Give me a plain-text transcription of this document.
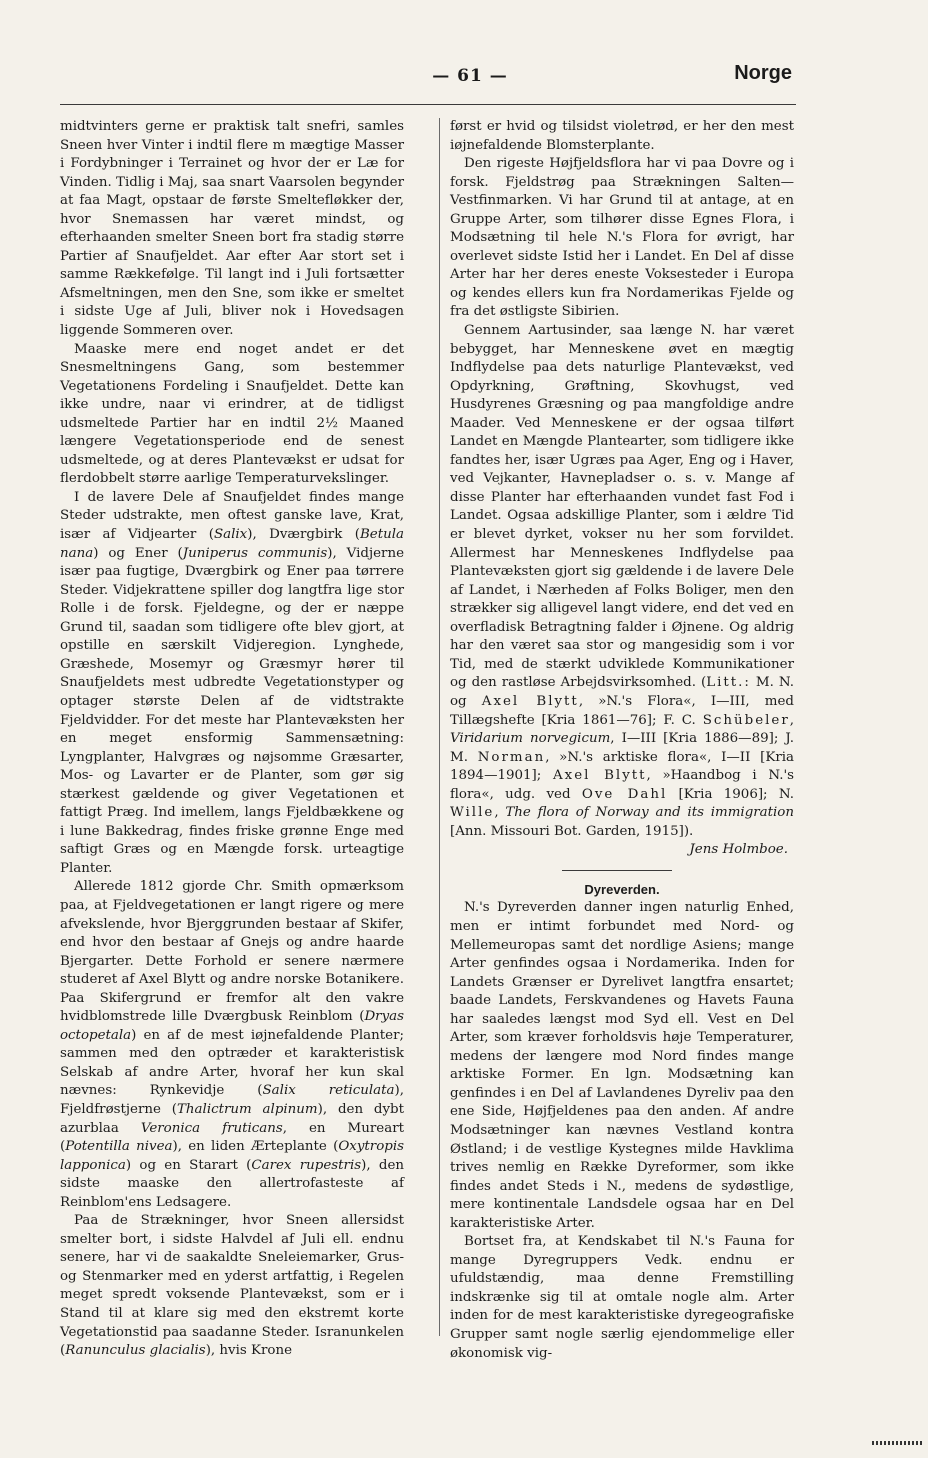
— 61 —	Norge

midtvinters gerne er praktisk talt snefri, samles Sneen hver Vinter i indtil flere m mægtige Masser i Fordybninger i Terrainet og hvor der er Læ for Vinden. Tidlig i Maj, saa snart Vaarsolen begynder at faa Magt, opstaar de første Smeltefløkker der, hvor Snemassen har været mindst, og efterhaanden smelter Sneen bort fra stadig større Partier af Snaufjeldet. Aar efter Aar stort set i samme Rækkefølge. Til langt ind i Juli fortsætter Afsmeltningen, men den Sne, som ikke er smeltet i sidste Uge af Juli, bliver nok i Hovedsagen liggende Sommeren over.

Maaske mere end noget andet er det Snesmeltningens Gang, som bestemmer Vegetationens Fordeling i Snaufjeldet. Dette kan ikke undre, naar vi erindrer, at de tidligst udsmeltede Partier har en indtil 2½ Maaned længere Vegetationsperiode end de senest udsmeltede, og at deres Plantevækst er udsat for flerdobbelt større aarlige Temperaturvekslinger.

I de lavere Dele af Snaufjeldet findes mange Steder udstrakte, men oftest ganske lave, Krat, især af Vidjearter (Salix), Dværgbirk (Betula nana) og Ener (Juniperus communis), Vidjerne især paa fugtige, Dværgbirk og Ener paa tørrere Steder. Vidjekrattene spiller dog langtfra lige stor Rolle i de forsk. Fjeldegne, og der er næppe Grund til, saadan som tidligere ofte blev gjort, at opstille en særskilt Vidjeregion. Lynghede, Græshede, Mosemyr og Græsmyr hører til Snaufjeldets mest udbredte Vegetationstyper og optager største Delen af de vidtstrakte Fjeldvidder. For det meste har Plantevæksten her en meget ensformig Sammensætning: Lyngplanter, Halvgræs og nøjsomme Græsarter, Mos- og Lavarter er de Planter, som gør sig stærkest gældende og giver Vegetationen et fattigt Præg. Ind imellem, langs Fjeldbækkene og i lune Bakkedrag, findes friske grønne Enge med saftigt Græs og en Mængde forsk. urteagtige Planter.

Allerede 1812 gjorde Chr. Smith opmærksom paa, at Fjeldvegetationen er langt rigere og mere afvekslende, hvor Bjerggrunden bestaar af Skifer, end hvor den bestaar af Gnejs og andre haarde Bjergarter. Dette Forhold er senere nærmere studeret af Axel Blytt og andre norske Botanikere. Paa Skifergrund er fremfor alt den vakre hvidblomstrede lille Dværgbusk Reinblom (Dryas octopetala) en af de mest iøjnefaldende Planter; sammen med den optræder et karakteristisk Selskab af andre Arter, hvoraf her kun skal nævnes: Rynkevidje (Salix reticulata), Fjeldfrøstjerne (Thalictrum alpinum), den dybt azurblaa Veronica fruticans, en Mureart (Potentilla nivea), en liden Ærteplante (Oxytropis lapponica) og en Starart (Carex rupestris), den sidste maaske den allertrofasteste af Reinblom'ens Ledsagere.

Paa de Strækninger, hvor Sneen allersidst smelter bort, i sidste Halvdel af Juli ell. endnu senere, har vi de saakaldte Sneleiemarker, Grus- og Stenmarker med en yderst artfattig, i Regelen meget spredt voksende Plantevækst, som er i Stand til at klare sig med den ekstremt korte Vegetationstid paa saadanne Steder. Isranunkelen (Ranunculus glacialis), hvis Krone

først er hvid og tilsidst violetrød, er her den mest iøjnefaldende Blomsterplante.

Den rigeste Højfjeldsflora har vi paa Dovre og i forsk. Fjeldstrøg paa Strækningen Salten—Vestfinmarken. Vi har Grund til at antage, at en Gruppe Arter, som tilhører disse Egnes Flora, i Modsætning til hele N.'s Flora for øvrigt, har overlevet sidste Istid her i Landet. En Del af disse Arter har her deres eneste Voksesteder i Europa og kendes ellers kun fra Nordamerikas Fjelde og fra det østligste Sibirien.

Gennem Aartusinder, saa længe N. har været bebygget, har Menneskene øvet en mægtig Indflydelse paa dets naturlige Plantevækst, ved Opdyrkning, Grøftning, Skovhugst, ved Husdyrenes Græsning og paa mangfoldige andre Maader. Ved Menneskene er der ogsaa tilført Landet en Mængde Plantearter, som tidligere ikke fandtes her, især Ugræs paa Ager, Eng og i Haver, ved Vejkanter, Havnepladser o. s. v. Mange af disse Planter har efterhaanden vundet fast Fod i Landet. Ogsaa adskillige Planter, som i ældre Tid er blevet dyrket, vokser nu her som forvildet. Allermest har Menneskenes Indflydelse paa Plantevæksten gjort sig gældende i de lavere Dele af Landet, i Nærheden af Folks Boliger, men den strækker sig alligevel langt videre, end det ved en overfladisk Betragtning falder i Øjnene. Og aldrig har den været saa stor og mangesidig som i vor Tid, med de stærkt udviklede Kommunikationer og den rastløse Arbejdsvirksomhed. (Litt.: M. N. og Axel Blytt, »N.'s Flora«, I—III, med Tillægshefte [Kria 1861—76]; F. C. Schübeler, Viridarium norvegicum, I—III [Kria 1886—89]; J. M. Norman, »N.'s arktiske flora«, I—II [Kria 1894—1901]; Axel Blytt, »Haandbog i N.'s flora«, udg. ved Ove Dahl [Kria 1906]; N. Wille, The flora of Norway and its immigration [Ann. Missouri Bot. Garden, 1915]).

Jens Holmboe.

Dyreverden.

N.'s Dyreverden danner ingen naturlig Enhed, men er intimt forbundet med Nord- og Mellemeuropas samt det nordlige Asiens; mange Arter genfindes ogsaa i Nordamerika. Inden for Landets Grænser er Dyrelivet langtfra ensartet; baade Landets, Ferskvandenes og Havets Fauna har saaledes længst mod Syd ell. Vest en Del Arter, som kræver forholdsvis høje Temperaturer, medens der længere mod Nord findes mange arktiske Former. En lgn. Modsætning kan genfindes i en Del af Lavlandenes Dyreliv paa den ene Side, Højfjeldenes paa den anden. Af andre Modsætninger kan nævnes Vestland kontra Østland; i de vestlige Kystegnes milde Havklima trives nemlig en Række Dyreformer, som ikke findes andet Steds i N., medens de sydøstlige, mere kontinentale Landsdele ogsaa har en Del karakteristiske Arter.

Bortset fra, at Kendskabet til N.'s Fauna for mange Dyregruppers Vedk. endnu er ufuldstændig, maa denne Fremstilling indskrænke sig til at omtale nogle alm. Arter inden for de mest karakteristiske dyregeografiske Grupper samt nogle særlig ejendommelige eller økonomisk vig-
